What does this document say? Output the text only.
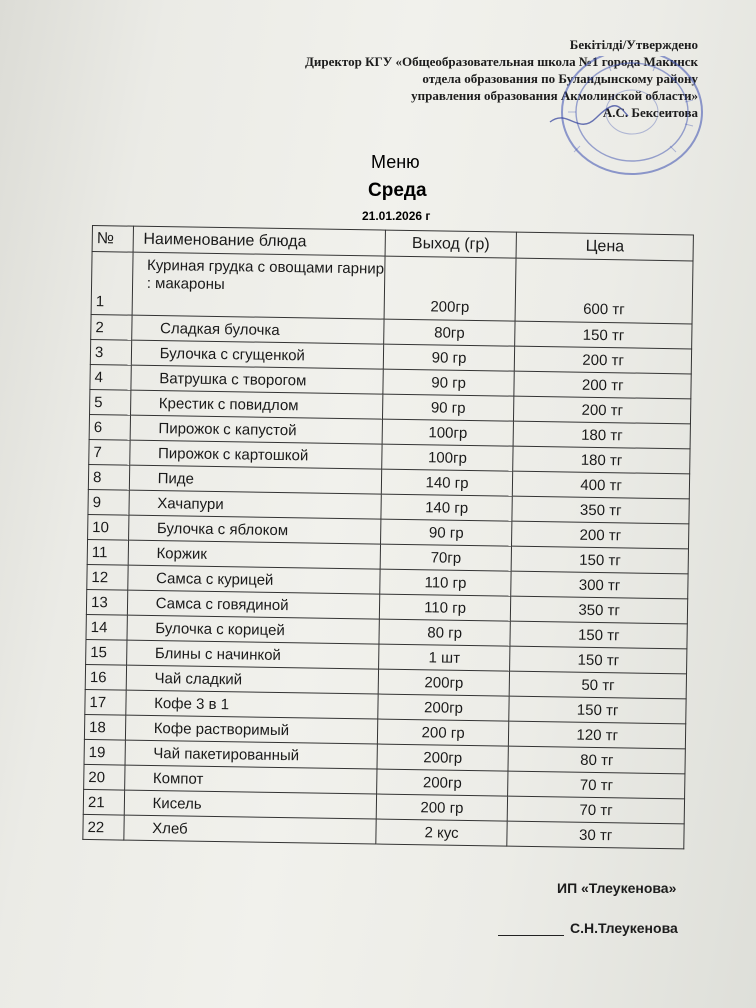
Бекітілді/Утверждено
Директор КГУ «Общеобразовательная школа №1 города Макинск
отдела образования по Буландынскому району
управления образования Акмолинской области»
А.С. Бексеитова
Меню
Среда
21.01.2026 г
№	Наименование блюда	Выход (гр)	Цена
1	Куриная грудка с овощами гарнир : макароны	200гр	600 тг
2	Сладкая булочка	80гр	150 тг
3	Булочка с сгущенкой	90 гр	200 тг
4	Ватрушка с творогом	90 гр	200 тг
5	Крестик с повидлом	90 гр	200 тг
6	Пирожок с капустой	100гр	180 тг
7	Пирожок с картошкой	100гр	180 тг
8	Пиде	140 гр	400 тг
9	Хачапури	140 гр	350 тг
10	Булочка с яблоком	90 гр	200 тг
11	Коржик	70гр	150 тг
12	Самса с курицей	110 гр	300 тг
13	Самса с говядиной	110 гр	350 тг
14	Булочка с корицей	80 гр	150 тг
15	Блины с начинкой	1 шт	150 тг
16	Чай сладкий	200гр	50 тг
17	Кофе 3 в 1	200гр	150 тг
18	Кофе растворимый	200 гр	120 тг
19	Чай пакетированный	200гр	80 тг
20	Компот	200гр	70 тг
21	Кисель	200 гр	70 тг
22	Хлеб	2 кус	30 тг
ИП «Тлеукенова»
С.Н.Тлеукенова
